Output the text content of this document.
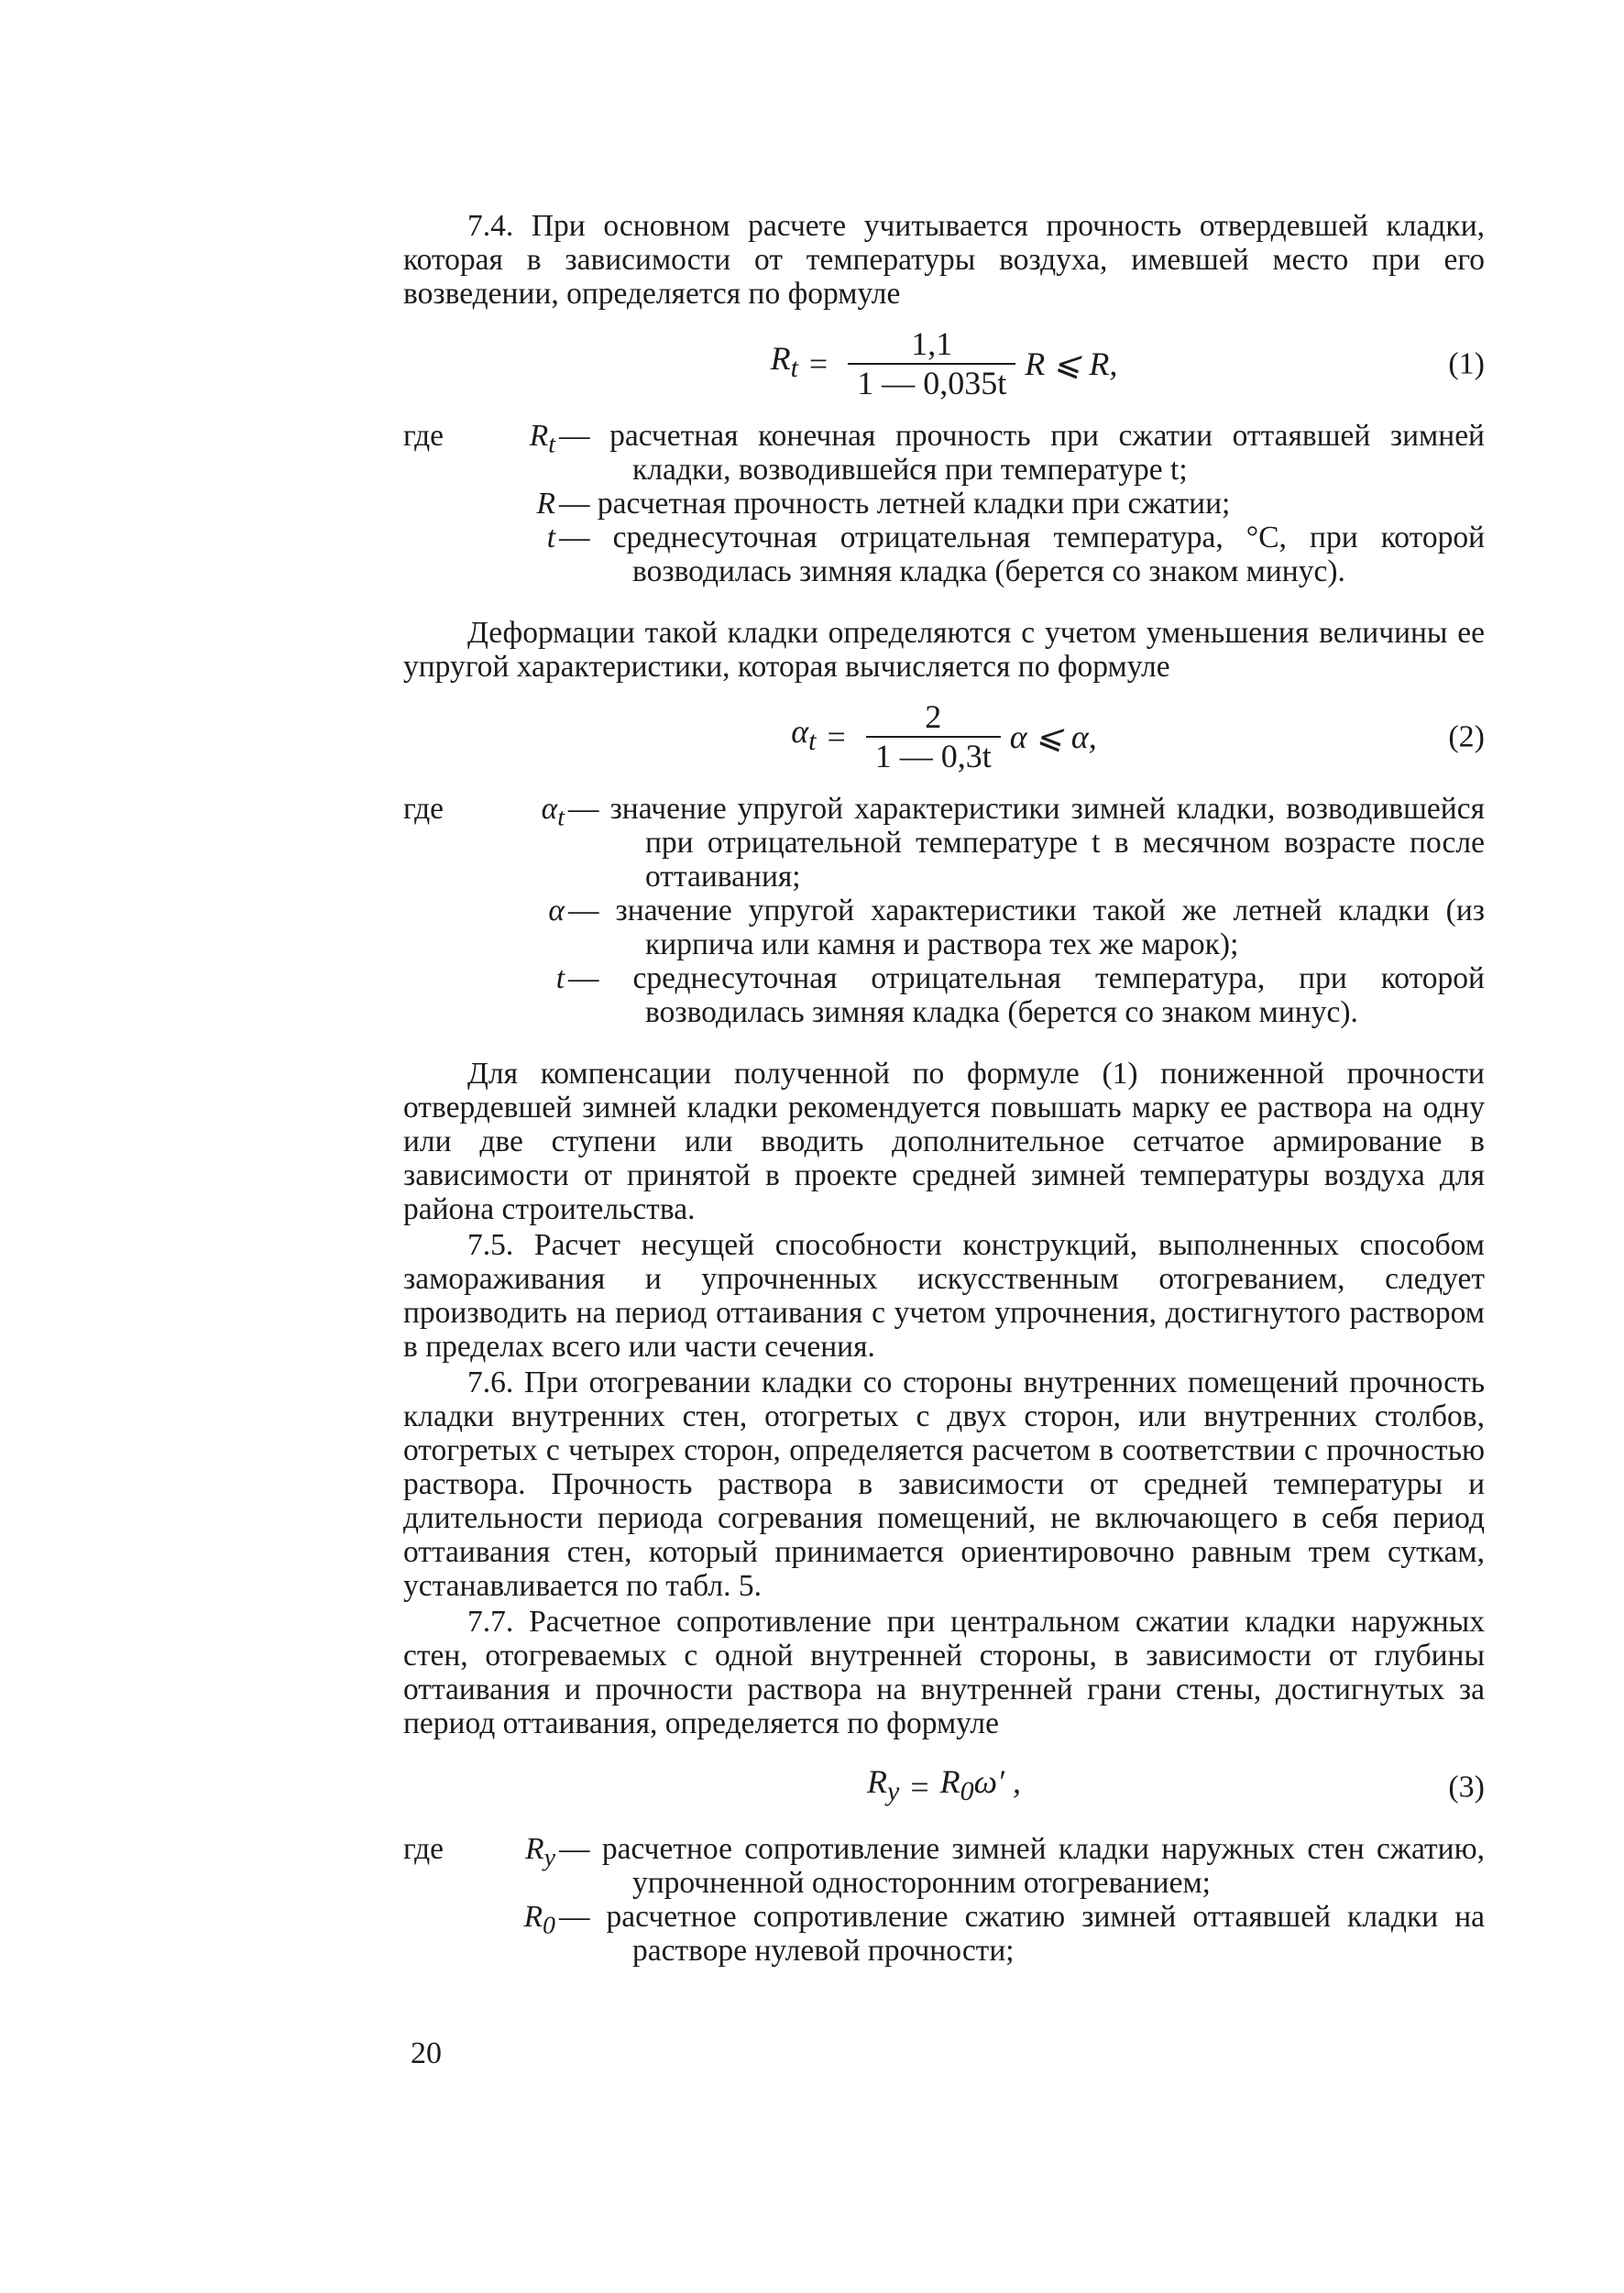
7.4. При основном расчете учитывается прочность отвердевшей кладки, которая в зависимости от температуры воздуха, имевшей место при его возведении, определяется по формуле

$R_t = \frac{1,1}{1 — 0,035t}$ R ⩽ R,	(1)
где	$R_t$ — расчетная конечная прочность при сжатии оттаявшей зимней кладки, возводившейся при температуре t;
R — расчетная прочность летней кладки при сжатии;
t — среднесуточная отрицательная температура, °С, при которой возводилась зимняя кладка (берется со знаком минус).

Деформации такой кладки определяются с учетом уменьшения величины ее упругой характеристики, которая вычисляется по формуле

$\alpha_t = \frac{2}{1 — 0,3t}$ α ⩽ α,	(2)
где	$\alpha_t$ — значение упругой характеристики зимней кладки, возводившейся при отрицательной температуре t в месячном возрасте после оттаивания;
α — значение упругой характеристики такой же летней кладки (из кирпича или камня и раствора тех же марок);
t — среднесуточная отрицательная температура, при которой возводилась зимняя кладка (берется со знаком минус).

Для компенсации полученной по формуле (1) пониженной прочности отвердевшей зимней кладки рекомендуется повышать марку ее раствора на одну или две ступени или вводить дополнительное сетчатое армирование в зависимости от принятой в проекте средней зимней температуры воздуха для района строительства.

7.5. Расчет несущей способности конструкций, выполненных способом замораживания и упрочненных искусственным отогреванием, следует производить на период оттаивания с учетом упрочнения, достигнутого раствором в пределах всего или части сечения.

7.6. При отогревании кладки со стороны внутренних помещений прочность кладки внутренних стен, отогретых с двух сторон, или внутренних столбов, отогретых с четырех сторон, определяется расчетом в соответствии с прочностью раствора. Прочность раствора в зависимости от средней температуры и длительности периода согревания помещений, не включающего в себя период оттаивания стен, который принимается ориентировочно равным трем суткам, устанавливается по табл. 5.

7.7. Расчетное сопротивление при центральном сжатии кладки наружных стен, отогреваемых с одной внутренней стороны, в зависимости от глубины оттаивания и прочности раствора на внутренней грани стены, достигнутых за период оттаивания, определяется по формуле

$R_y = R_0\omega'$ ,	(3)
где	$R_y$ — расчетное сопротивление зимней кладки наружных стен сжатию, упрочненной односторонним отогреванием;
$R_0$ — расчетное сопротивление сжатию зимней оттаявшей кладки на растворе нулевой прочности;
20
